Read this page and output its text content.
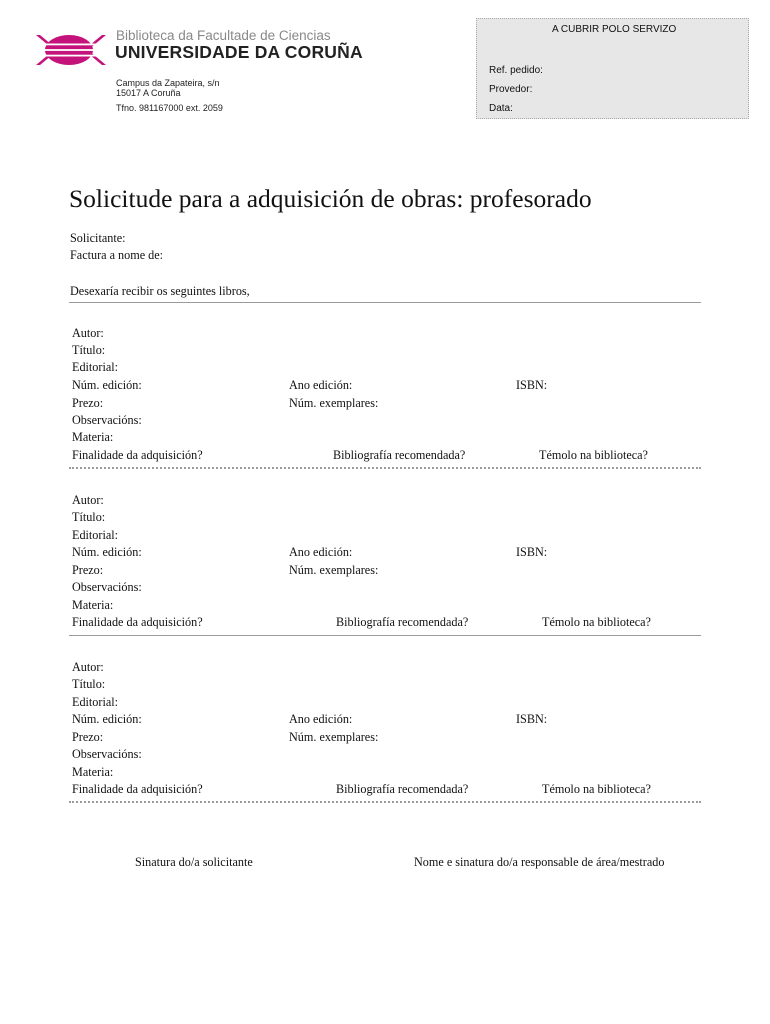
Biblioteca da Facultade de Ciencias
UNIVERSIDADE DA CORUÑA
Campus da Zapateira, s/n
15017 A Coruña
Tfno. 981167000 ext. 2059
A CUBRIR POLO SERVIZO
Ref. pedido:
Provedor:
Data:
Solicitude para a adquisición de obras: profesorado
Solicitante:
Factura a nome de:
Desexaría recibir os seguintes libros,
Autor:
Título:
Editorial:
Núm. edición:	Ano edición:	ISBN:
Prezo:	Núm. exemplares:
Observacións:
Materia:
Finalidade da adquisición?	Bibliografía recomendada?	Témolo na biblioteca?
Autor:
Título:
Editorial:
Núm. edición:	Ano edición:	ISBN:
Prezo:	Núm. exemplares:
Observacións:
Materia:
Finalidade da adquisición?	Bibliografía recomendada?	Témolo na biblioteca?
Autor:
Título:
Editorial:
Núm. edición:	Ano edición:	ISBN:
Prezo:	Núm. exemplares:
Observacións:
Materia:
Finalidade da adquisición?	Bibliografía recomendada?	Témolo na biblioteca?
Sinatura do/a solicitante	Nome e sinatura do/a responsable de área/mestrado
